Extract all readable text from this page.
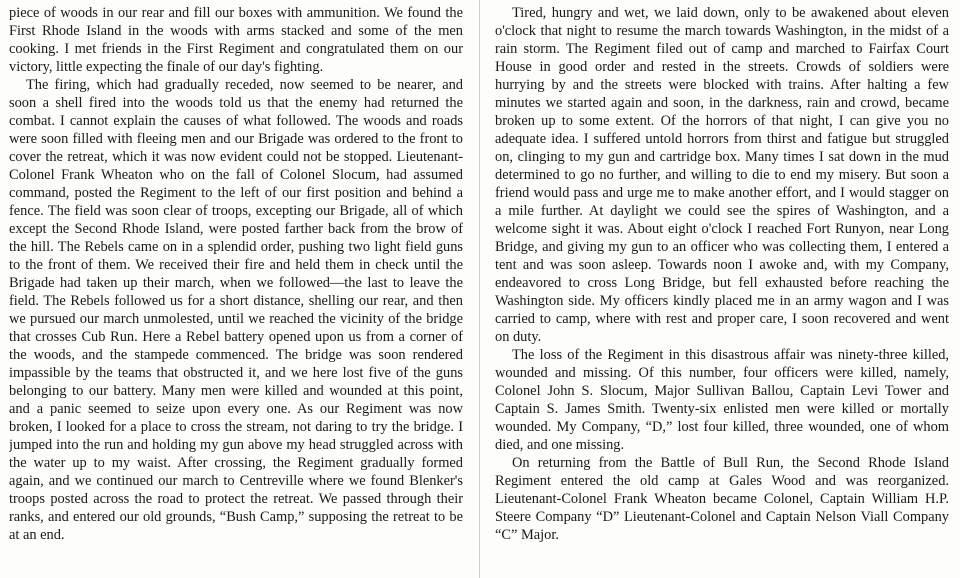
piece of woods in our rear and fill our boxes with ammunition. We found the First Rhode Island in the woods with arms stacked and some of the men cooking. I met friends in the First Regiment and congratulated them on our victory, little expecting the finale of our day's fighting.

The firing, which had gradually receded, now seemed to be nearer, and soon a shell fired into the woods told us that the enemy had returned the combat. I cannot explain the causes of what followed. The woods and roads were soon filled with fleeing men and our Brigade was ordered to the front to cover the retreat, which it was now evident could not be stopped. Lieutenant-Colonel Frank Wheaton who on the fall of Colonel Slocum, had assumed command, posted the Regiment to the left of our first position and behind a fence. The field was soon clear of troops, excepting our Brigade, all of which except the Second Rhode Island, were posted farther back from the brow of the hill. The Rebels came on in a splendid order, pushing two light field guns to the front of them. We received their fire and held them in check until the Brigade had taken up their march, when we followed—the last to leave the field. The Rebels followed us for a short distance, shelling our rear, and then we pursued our march unmolested, until we reached the vicinity of the bridge that crosses Cub Run. Here a Rebel battery opened upon us from a corner of the woods, and the stampede commenced. The bridge was soon rendered impassible by the teams that obstructed it, and we here lost five of the guns belonging to our battery. Many men were killed and wounded at this point, and a panic seemed to seize upon every one. As our Regiment was now broken, I looked for a place to cross the stream, not daring to try the bridge. I jumped into the run and holding my gun above my head struggled across with the water up to my waist. After crossing, the Regiment gradually formed again, and we continued our march to Centreville where we found Blenker's troops posted across the road to protect the retreat. We passed through their ranks, and entered our old grounds, “Bush Camp,” supposing the retreat to be at an end.

Tired, hungry and wet, we laid down, only to be awakened about eleven o'clock that night to resume the march towards Washington, in the midst of a rain storm. The Regiment filed out of camp and marched to Fairfax Court House in good order and rested in the streets. Crowds of soldiers were hurrying by and the streets were blocked with trains. After halting a few minutes we started again and soon, in the darkness, rain and crowd, became broken up to some extent. Of the horrors of that night, I can give you no adequate idea. I suffered untold horrors from thirst and fatigue but struggled on, clinging to my gun and cartridge box. Many times I sat down in the mud determined to go no further, and willing to die to end my misery. But soon a friend would pass and urge me to make another effort, and I would stagger on a mile further. At daylight we could see the spires of Washington, and a welcome sight it was. About eight o'clock I reached Fort Runyon, near Long Bridge, and giving my gun to an officer who was collecting them, I entered a tent and was soon asleep. Towards noon I awoke and, with my Company, endeavored to cross Long Bridge, but fell exhausted before reaching the Washington side. My officers kindly placed me in an army wagon and I was carried to camp, where with rest and proper care, I soon recovered and went on duty.

The loss of the Regiment in this disastrous affair was ninety-three killed, wounded and missing. Of this number, four officers were killed, namely, Colonel John S. Slocum, Major Sullivan Ballou, Captain Levi Tower and Captain S. James Smith. Twenty-six enlisted men were killed or mortally wounded. My Company, “D,” lost four killed, three wounded, one of whom died, and one missing.

On returning from the Battle of Bull Run, the Second Rhode Island Regiment entered the old camp at Gales Wood and was reorganized. Lieutenant-Colonel Frank Wheaton became Colonel, Captain William H.P. Steere Company “D” Lieutenant-Colonel and Captain Nelson Viall Company “C” Major.
